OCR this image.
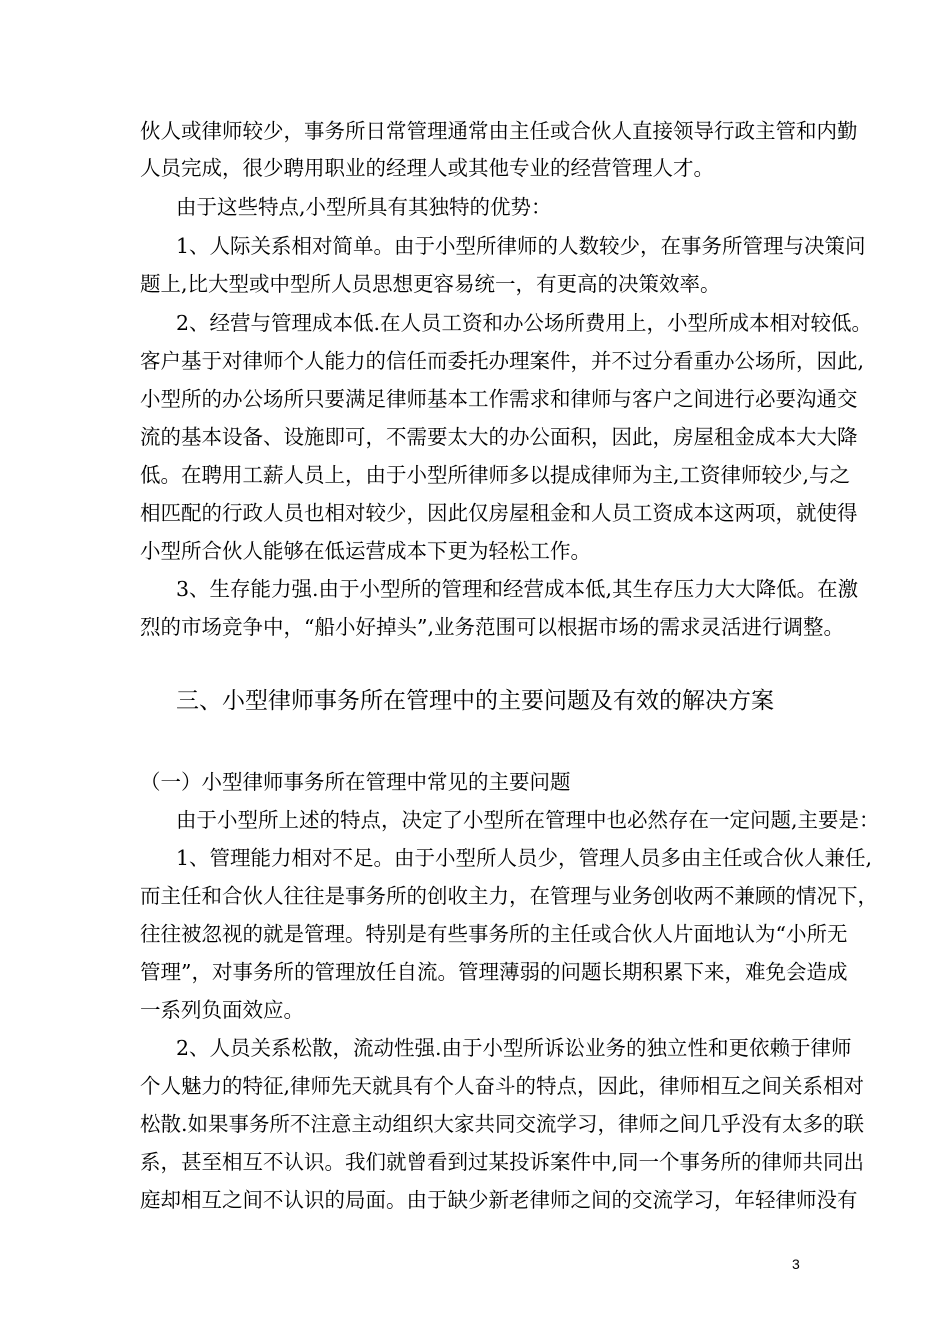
伙人或律师较少，事务所日常管理通常由主任或合伙人直接领导行政主管和内勤
人员完成，很少聘用职业的经理人或其他专业的经营管理人才。
由于这些特点,小型所具有其独特的优势：
1、人际关系相对简单。由于小型所律师的人数较少，在事务所管理与决策问
题上,比大型或中型所人员思想更容易统一，有更高的决策效率。
2、经营与管理成本低.在人员工资和办公场所费用上，小型所成本相对较低。
客户基于对律师个人能力的信任而委托办理案件，并不过分看重办公场所，因此,
小型所的办公场所只要满足律师基本工作需求和律师与客户之间进行必要沟通交
流的基本设备、设施即可，不需要太大的办公面积，因此，房屋租金成本大大降
低。在聘用工薪人员上，由于小型所律师多以提成律师为主,工资律师较少,与之
相匹配的行政人员也相对较少，因此仅房屋租金和人员工资成本这两项，就使得
小型所合伙人能够在低运营成本下更为轻松工作。
3、生存能力强.由于小型所的管理和经营成本低,其生存压力大大降低。在激
烈的市场竞争中，“船小好掉头”,业务范围可以根据市场的需求灵活进行调整。
三、小型律师事务所在管理中的主要问题及有效的解决方案
（一）小型律师事务所在管理中常见的主要问题
由于小型所上述的特点，决定了小型所在管理中也必然存在一定问题,主要是：
1、管理能力相对不足。由于小型所人员少，管理人员多由主任或合伙人兼任,
而主任和合伙人往往是事务所的创收主力，在管理与业务创收两不兼顾的情况下，
往往被忽视的就是管理。特别是有些事务所的主任或合伙人片面地认为“小所无
管理”，对事务所的管理放任自流。管理薄弱的问题长期积累下来，难免会造成
一系列负面效应。
2、人员关系松散，流动性强.由于小型所诉讼业务的独立性和更依赖于律师
个人魅力的特征,律师先天就具有个人奋斗的特点，因此，律师相互之间关系相对
松散.如果事务所不注意主动组织大家共同交流学习，律师之间几乎没有太多的联
系，甚至相互不认识。我们就曾看到过某投诉案件中,同一个事务所的律师共同出
庭却相互之间不认识的局面。由于缺少新老律师之间的交流学习，年轻律师没有
3
